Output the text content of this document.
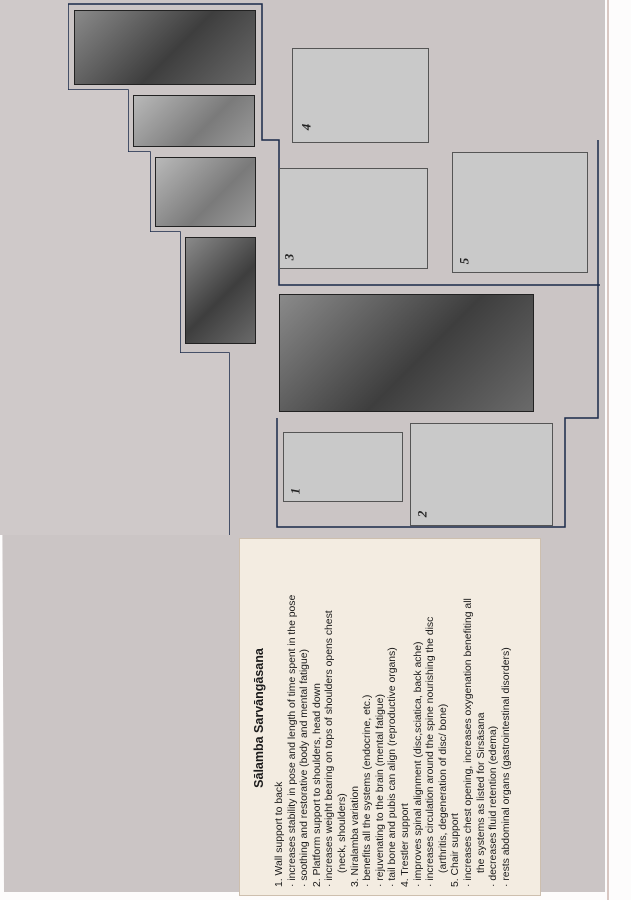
4
3
5
1
2
Sālamba Sarvāngāsana
1. Wall support to back · increases stability in pose and length of time spent in the pose · soothing and restorative (body and mental fatigue) 2. Platform support to shoulders, head down · increases weight bearing on tops of shoulders opens chest (neck, shoulders) 3. Niralamba variation · benefits all the systems (endocrine, etc.) · rejuvenating to the brain (mental fatigue) · tail bone and pubis can align (reproductive organs) 4. Trestler support · improves spinal alignment (disc,sciatica, back ache) · increases circulation around the spine nourishing the disc (arthritis, degeneration of disc/ bone) 5. Chair support · increases chest opening, increases oxygenation benefiting all the systems as listed for Sirsāsana · decreases fluid retention (edema) · rests abdominal organs (gastrointestinal disorders)
